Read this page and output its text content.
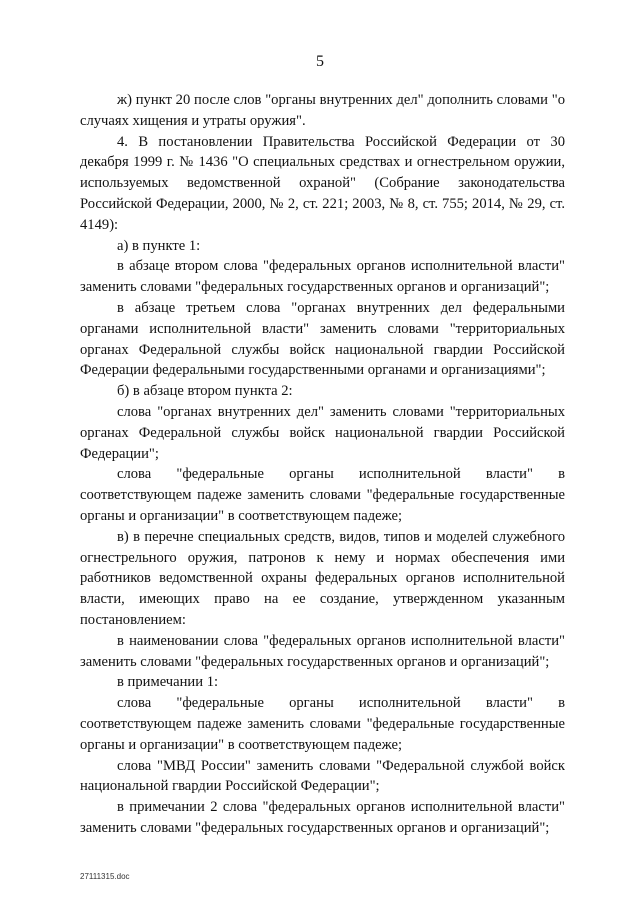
5

ж) пункт 20 после слов "органы внутренних дел" дополнить словами "о случаях хищения и утраты оружия".

4. В постановлении Правительства Российской Федерации от 30 декабря 1999 г. № 1436 "О специальных средствах и огнестрельном оружии, используемых ведомственной охраной" (Собрание законодательства Российской Федерации, 2000, № 2, ст. 221; 2003, № 8, ст. 755; 2014, № 29, ст. 4149):

а) в пункте 1:

в абзаце втором слова "федеральных органов исполнительной власти" заменить словами "федеральных государственных органов и организаций";

в абзаце третьем слова "органах внутренних дел федеральными органами исполнительной власти" заменить словами "территориальных органах Федеральной службы войск национальной гвардии Российской Федерации федеральными государственными органами и организациями";

б) в абзаце втором пункта 2:

слова "органах внутренних дел" заменить словами "территориальных органах Федеральной службы войск национальной гвардии Российской Федерации";

слова "федеральные органы исполнительной власти" в соответствующем падеже заменить словами "федеральные государственные органы и организации" в соответствующем падеже;

в) в перечне специальных средств, видов, типов и моделей служебного огнестрельного оружия, патронов к нему и нормах обеспечения ими работников ведомственной охраны федеральных органов исполнительной власти, имеющих право на ее создание, утвержденном указанным постановлением:

в наименовании слова "федеральных органов исполнительной власти" заменить словами "федеральных государственных органов и организаций";

в примечании 1:

слова "федеральные органы исполнительной власти" в соответствующем падеже заменить словами "федеральные государственные органы и организации" в соответствующем падеже;

слова "МВД России" заменить словами "Федеральной службой войск национальной гвардии Российской Федерации";

в примечании 2 слова "федеральных органов исполнительной власти" заменить словами "федеральных государственных органов и организаций";

27111315.doc
